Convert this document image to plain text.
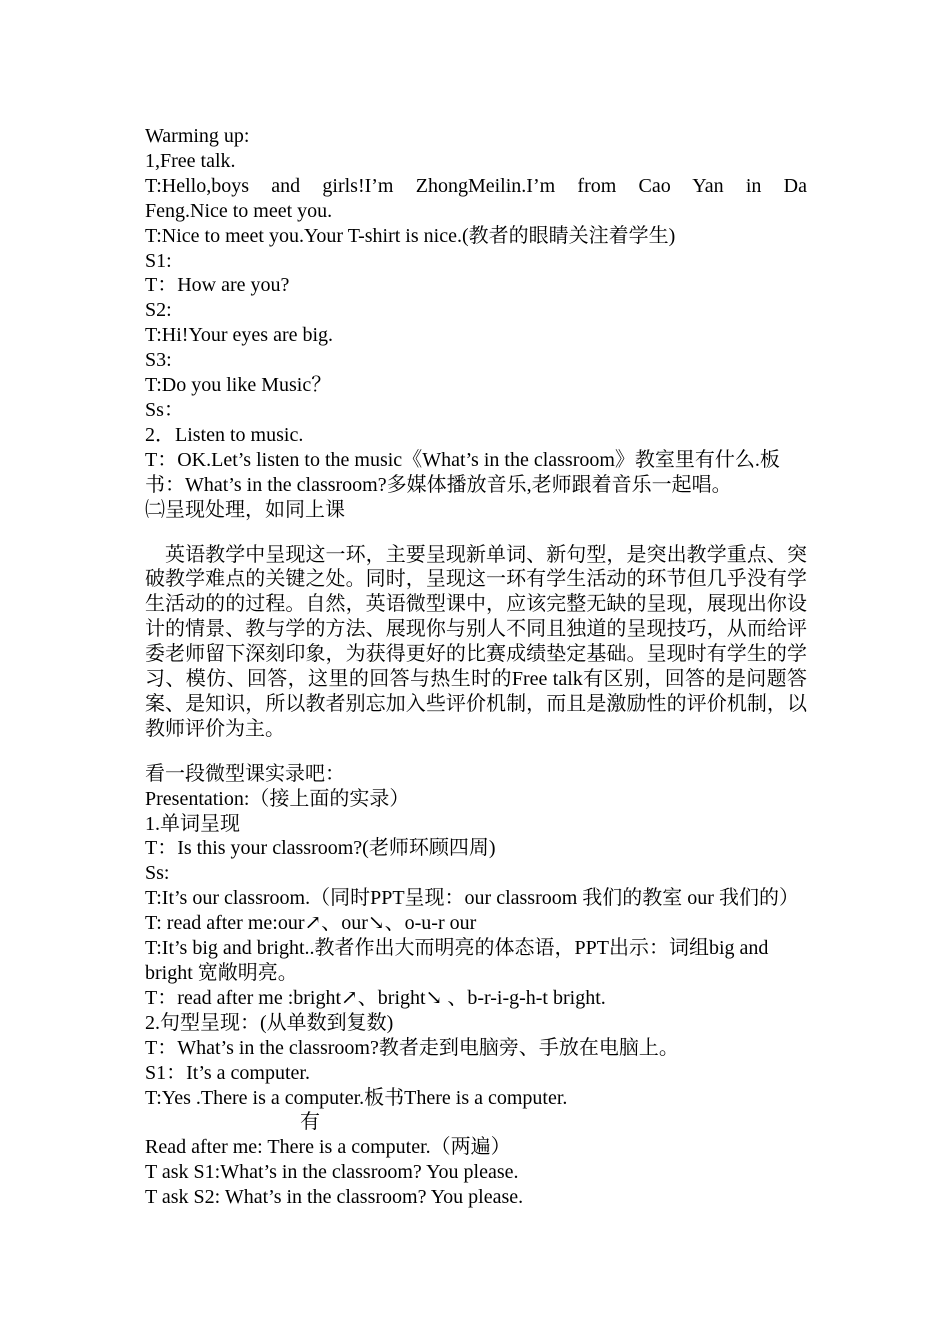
Warming up:

1,Free talk.

T:Hello,boys and girls!I’m ZhongMeilin.I’m from Cao Yan in Da

Feng.Nice to meet you.

T:Nice to meet you.Your T-shirt is nice.(教者的眼睛关注着学生)

S1:

T：How are you?

S2:

T:Hi!Your eyes are big.

S3:

T:Do you like Music？

Ss：

2．Listen to music.

T：OK.Let’s listen to the music《What’s in the classroom》教室里有什么.板书：What’s in the classroom?多媒体播放音乐,老师跟着音乐一起唱。

㈡呈现处理，如同上课

英语教学中呈现这一环，主要呈现新单词、新句型，是突出教学重点、突破教学难点的关键之处。同时，呈现这一环有学生活动的环节但几乎没有学生活动的的过程。自然，英语微型课中，应该完整无缺的呈现，展现出你设计的情景、教与学的方法、展现你与别人不同且独道的呈现技巧，从而给评委老师留下深刻印象，为获得更好的比赛成绩垫定基础。呈现时有学生的学习、模仿、回答，这里的回答与热生时的Free talk有区别，回答的是问题答案、是知识，所以教者别忘加入些评价机制，而且是激励性的评价机制，以教师评价为主。

看一段微型课实录吧：

Presentation:（接上面的实录）

1.单词呈现

T：Is this your classroom?(老师环顾四周)

Ss:

T:It’s our classroom.（同时PPT呈现：our classroom 我们的教室 our 我们的）

T: read after me:our↗、our↘、o-u-r our

T:It’s big and bright..教者作出大而明亮的体态语，PPT出示：词组big and bright 宽敞明亮。

T：read after me :bright↗、bright↘ 、b-r-i-g-h-t bright.

2.句型呈现：(从单数到复数)

T：What’s in the classroom?教者走到电脑旁、手放在电脑上。

S1：It’s a computer.

T:Yes .There is a computer.板书There is a computer.

有

Read after me: There is a computer.（两遍）

T ask S1:What’s in the classroom? You please.

T ask S2: What’s in the classroom? You please.
